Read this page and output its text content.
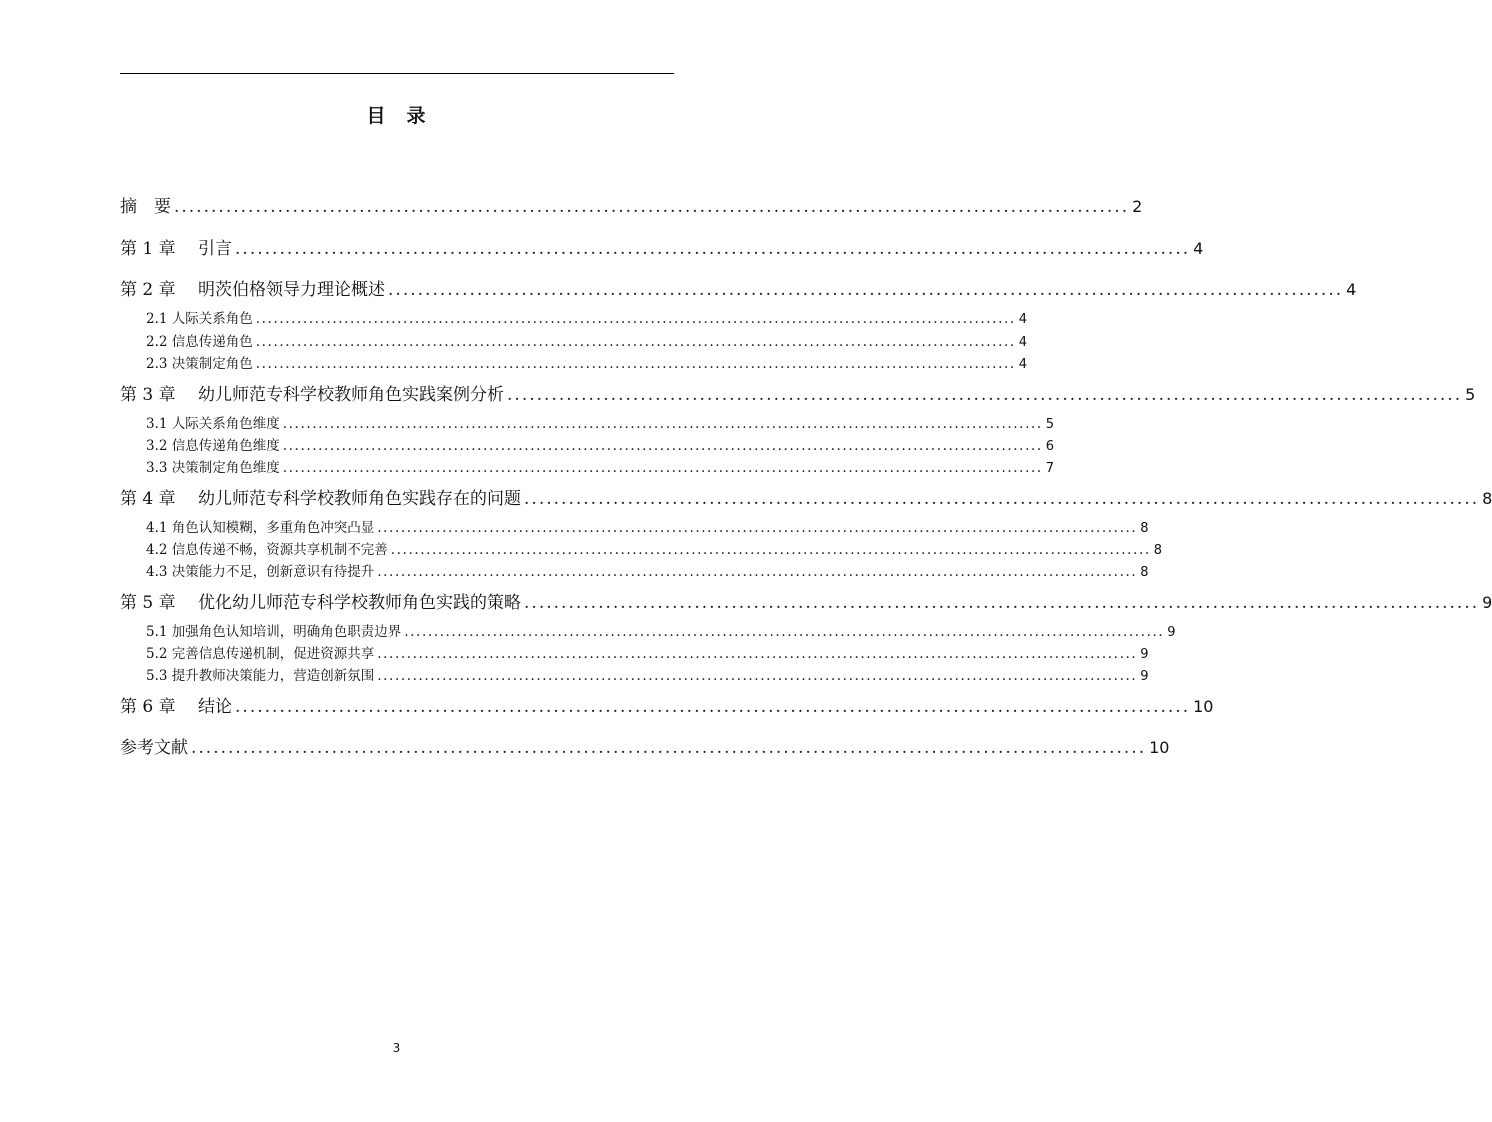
目　录
摘　要 ................................................................................................................................. 2
第 1 章　 引言 ................................................................................................................................. 4
第 2 章　 明茨伯格领导力理论概述 ................................................................................................................................. 4
2.1 人际关系角色 ................................................................................................................................. 4
2.2 信息传递角色 ................................................................................................................................. 4
2.3 决策制定角色 ................................................................................................................................. 4
第 3 章　 幼儿师范专科学校教师角色实践案例分析 ................................................................................................................................. 5
3.1 人际关系角色维度 ................................................................................................................................. 5
3.2 信息传递角色维度 ................................................................................................................................. 6
3.3 决策制定角色维度 ................................................................................................................................. 7
第 4 章　 幼儿师范专科学校教师角色实践存在的问题 ................................................................................................................................. 8
4.1 角色认知模糊，多重角色冲突凸显 ................................................................................................................................. 8
4.2 信息传递不畅，资源共享机制不完善 ................................................................................................................................. 8
4.3 决策能力不足，创新意识有待提升 ................................................................................................................................. 8
第 5 章　 优化幼儿师范专科学校教师角色实践的策略 ................................................................................................................................. 9
5.1 加强角色认知培训，明确角色职责边界 ................................................................................................................................. 9
5.2 完善信息传递机制，促进资源共享 ................................................................................................................................. 9
5.3 提升教师决策能力，营造创新氛围 ................................................................................................................................. 9
第 6 章　 结论 ................................................................................................................................. 10
参考文献 ................................................................................................................................. 10
3
